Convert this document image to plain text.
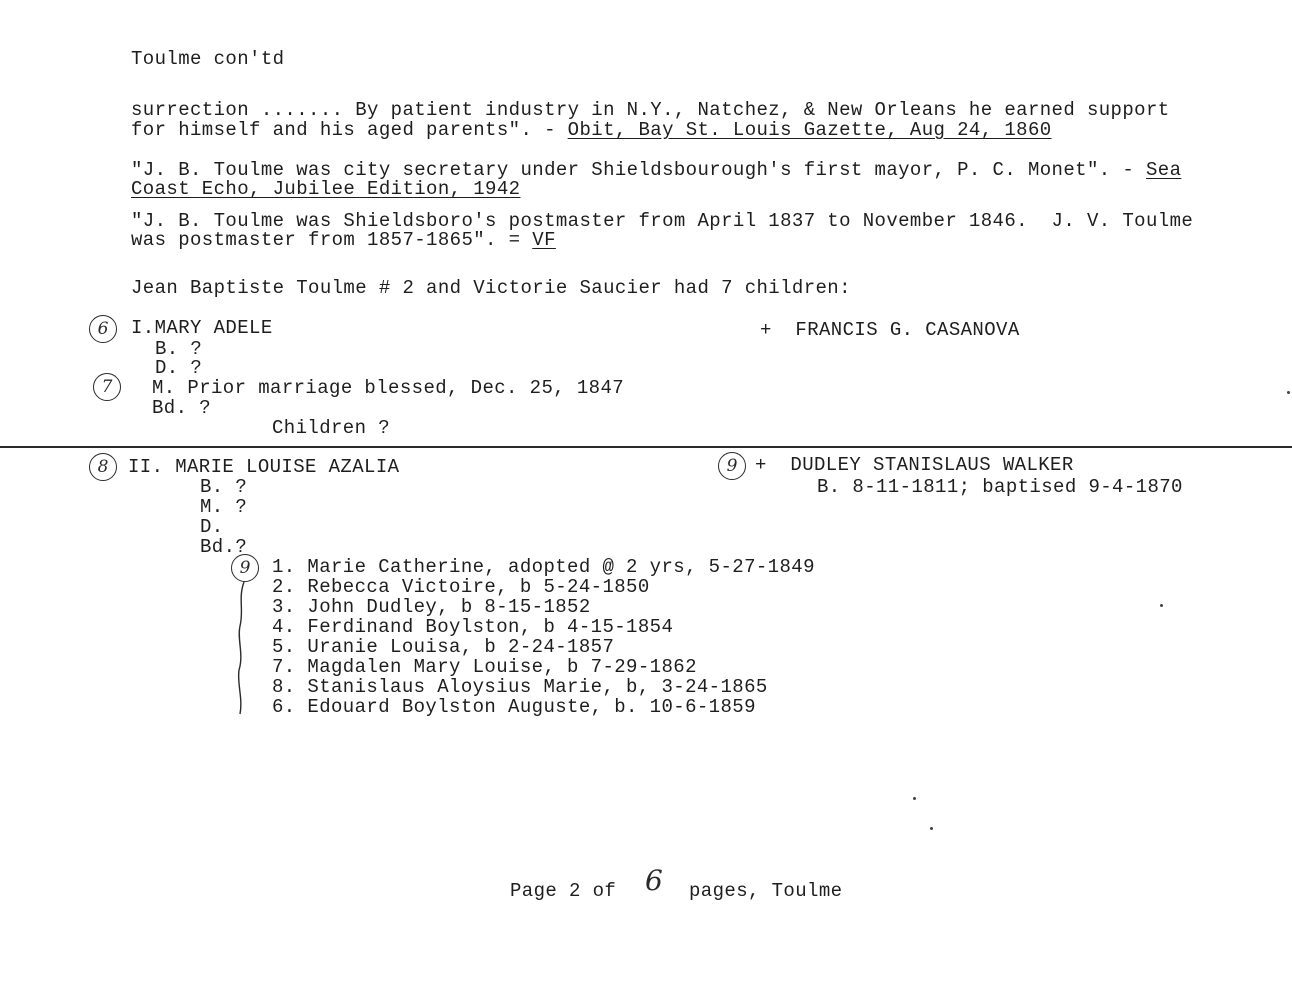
Toulme con'td
surrection ....... By patient industry in N.Y., Natchez, & New Orleans he earned support
for himself and his aged parents". - Obit, Bay St. Louis Gazette, Aug 24, 1860
"J. B. Toulme was city secretary under Shieldsbourough's first mayor, P. C. Monet". - Sea
Coast Echo, Jubilee Edition, 1942
"J. B. Toulme was Shieldsboro's postmaster from April 1837 to November 1846.  J. V. Toulme
was postmaster from 1857-1865". = VF
Jean Baptiste Toulme # 2 and Victorie Saucier had 7 children:
6	I.MARY ADELE	+  FRANCIS G. CASANOVA
B. ?
D. ?
7	M. Prior marriage blessed, Dec. 25, 1847
Bd. ?
Children ?
8	II. MARIE LOUISE AZALIA	9 +  DUDLEY STANISLAUS WALKER
B. 8-11-1811; baptised 9-4-1870
B. ?
M. ?
D.
Bd.?
9	1. Marie Catherine, adopted @ 2 yrs, 5-27-1849
2. Rebecca Victoire, b 5-24-1850
3. John Dudley, b 8-15-1852
4. Ferdinand Boylston, b 4-15-1854
5. Uranie Louisa, b 2-24-1857
7. Magdalen Mary Louise, b 7-29-1862
8. Stanislaus Aloysius Marie, b, 3-24-1865
6. Edouard Boylston Auguste, b. 10-6-1859
Page 2 of 6 pages, Toulme
